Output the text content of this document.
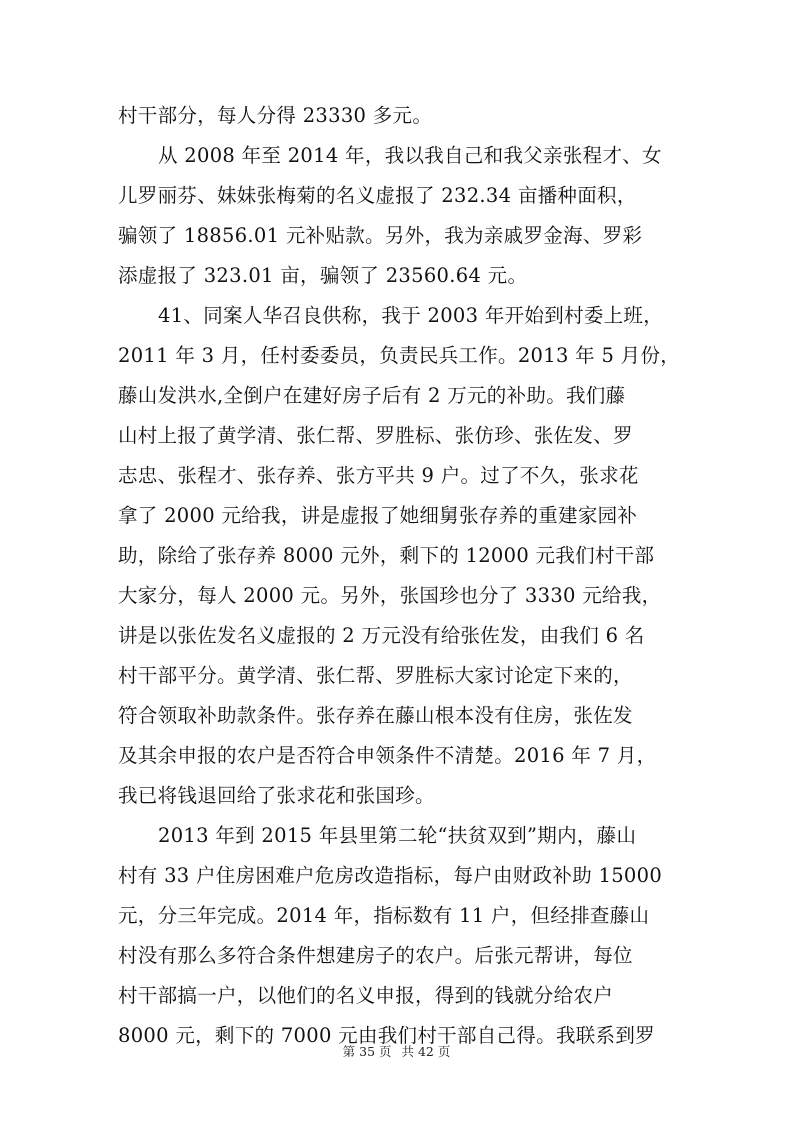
村干部分，每人分得 23330 多元。
从 2008 年至 2014 年，我以我自己和我父亲张程才、女
儿罗丽芬、妹妹张梅菊的名义虚报了 232.34 亩播种面积，
骗领了 18856.01 元补贴款。另外，我为亲戚罗金海、罗彩
添虚报了 323.01 亩，骗领了 23560.64 元。
41、同案人华召良供称，我于 2003 年开始到村委上班，
2011 年 3 月，任村委委员，负责民兵工作。2013 年 5 月份，
藤山发洪水,全倒户在建好房子后有 2 万元的补助。我们藤
山村上报了黄学清、张仁帮、罗胜标、张仿珍、张佐发、罗
志忠、张程才、张存养、张方平共 9 户。过了不久，张求花
拿了 2000 元给我，讲是虚报了她细舅张存养的重建家园补
助，除给了张存养 8000 元外，剩下的 12000 元我们村干部
大家分，每人 2000 元。另外，张国珍也分了 3330 元给我，
讲是以张佐发名义虚报的 2 万元没有给张佐发，由我们 6 名
村干部平分。黄学清、张仁帮、罗胜标大家讨论定下来的，
符合领取补助款条件。张存养在藤山根本没有住房，张佐发
及其余申报的农户是否符合申领条件不清楚。2016 年 7 月，
我已将钱退回给了张求花和张国珍。
2013 年到 2015 年县里第二轮“扶贫双到”期内，藤山
村有 33 户住房困难户危房改造指标，每户由财政补助 15000
元，分三年完成。2014 年，指标数有 11 户，但经排查藤山
村没有那么多符合条件想建房子的农户。后张元帮讲，每位
村干部搞一户，以他们的名义申报，得到的钱就分给农户
8000 元，剩下的 7000 元由我们村干部自己得。我联系到罗
第 35 页 共 42 页
